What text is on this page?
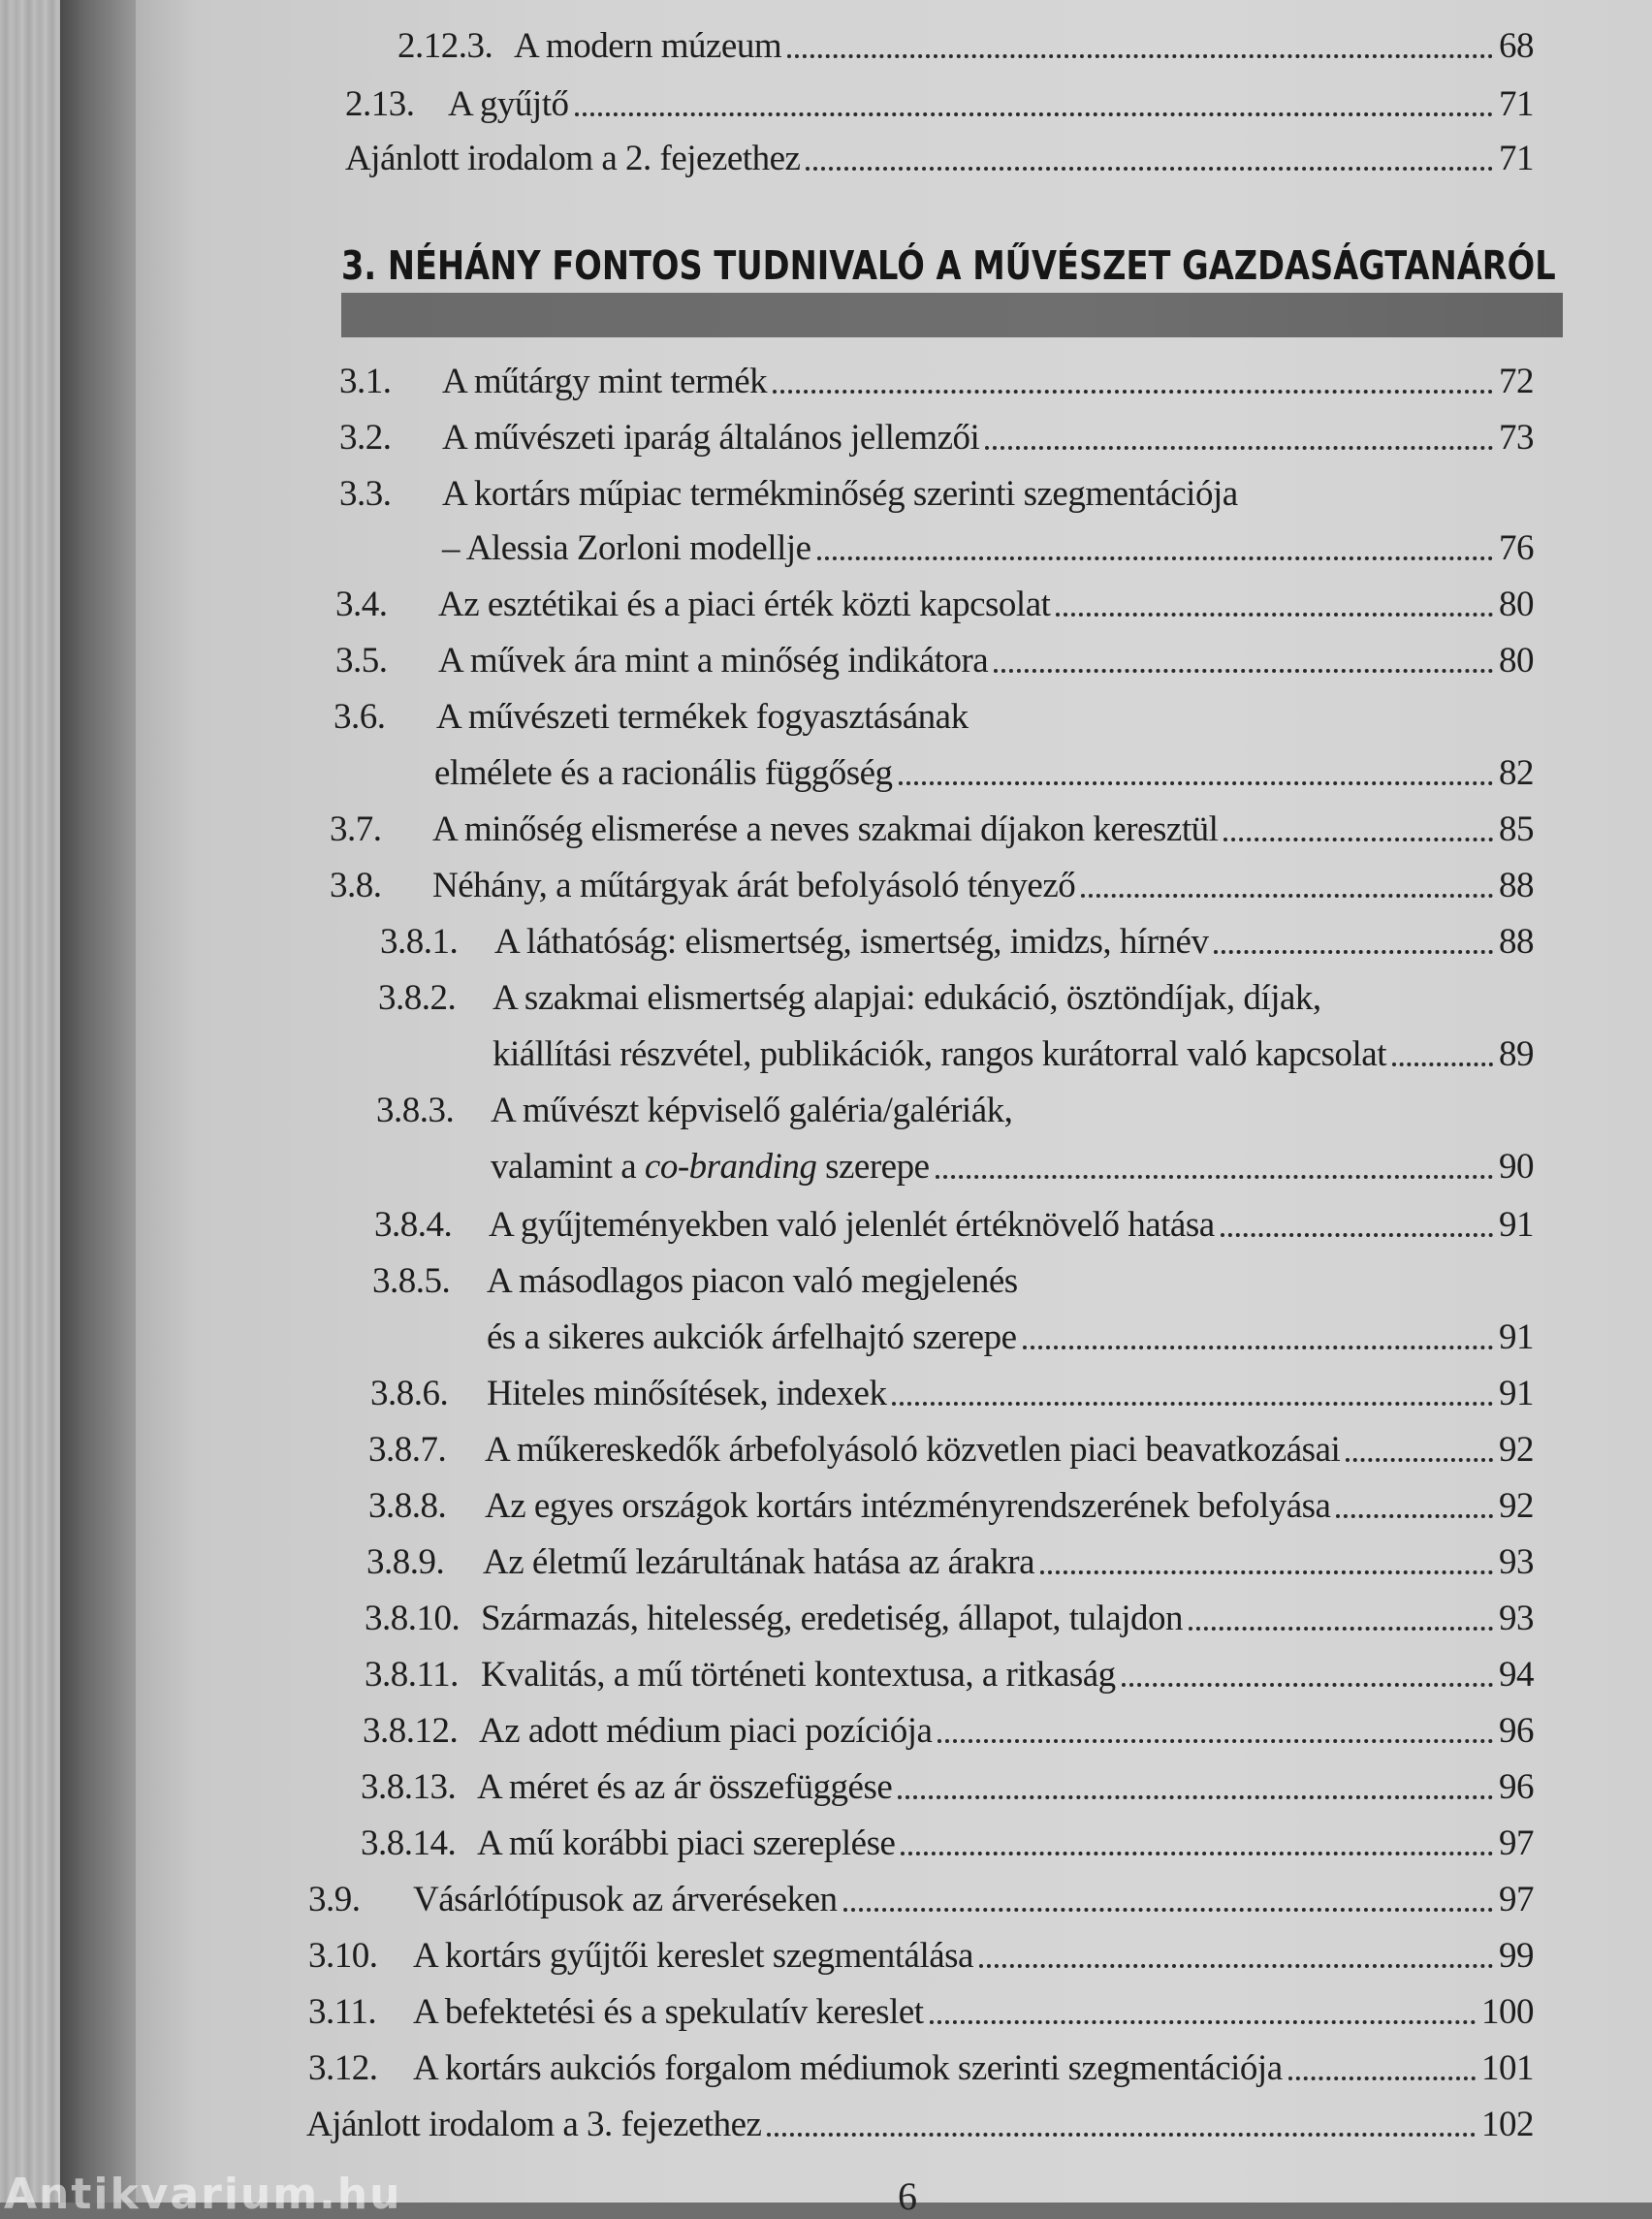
2.12.3. A modern múzeum	68
2.13. A gyűjtő	71
Ajánlott irodalom a 2. fejezethez	71
3. NÉHÁNY FONTOS TUDNIVALÓ A MŰVÉSZET GAZDASÁGTANÁRÓL
3.1.	A műtárgy mint termék	72
3.2.	A művészeti iparág általános jellemzői	73
3.3.	A kortárs műpiac termékminőség szerinti szegmentációja
– Alessia Zorloni modellje	76
3.4.	Az esztétikai és a piaci érték közti kapcsolat	80
3.5.	A művek ára mint a minőség indikátora	80
3.6.	A művészeti termékek fogyasztásának
elmélete és a racionális függőség	82
3.7.	A minőség elismerése a neves szakmai díjakon keresztül	85
3.8.	Néhány, a műtárgyak árát befolyásoló tényező	88
3.8.1.	A láthatóság: elismertség, ismertség, imidzs, hírnév	88
3.8.2.	A szakmai elismertség alapjai: edukáció, ösztöndíjak, díjak,
kiállítási részvétel, publikációk, rangos kurátorral való kapcsolat	89
3.8.3.	A művészt képviselő galéria/galériák,
valamint a co-branding szerepe	90
3.8.4.	A gyűjteményekben való jelenlét értéknövelő hatása	91
3.8.5.	A másodlagos piacon való megjelenés
és a sikeres aukciók árfelhajtó szerepe	91
3.8.6.	Hiteles minősítések, indexek	91
3.8.7.	A műkereskedők árbefolyásoló közvetlen piaci beavatkozásai	92
3.8.8.	Az egyes országok kortárs intézményrendszerének befolyása	92
3.8.9.	Az életmű lezárultának hatása az árakra	93
3.8.10. Származás, hitelesség, eredetiség, állapot, tulajdon	93
3.8.11. Kvalitás, a mű történeti kontextusa, a ritkaság	94
3.8.12. Az adott médium piaci pozíciója	96
3.8.13. A méret és az ár összefüggése	96
3.8.14. A mű korábbi piaci szereplése	97
3.9.	Vásárlótípusok az árveréseken	97
3.10. A kortárs gyűjtői kereslet szegmentálása	99
3.11.	A befektetési és a spekulatív kereslet	100
3.12. A kortárs aukciós forgalom médiumok szerinti szegmentációja	101
Ajánlott irodalom a 3. fejezethez	102
6
Antikvarium.hu
